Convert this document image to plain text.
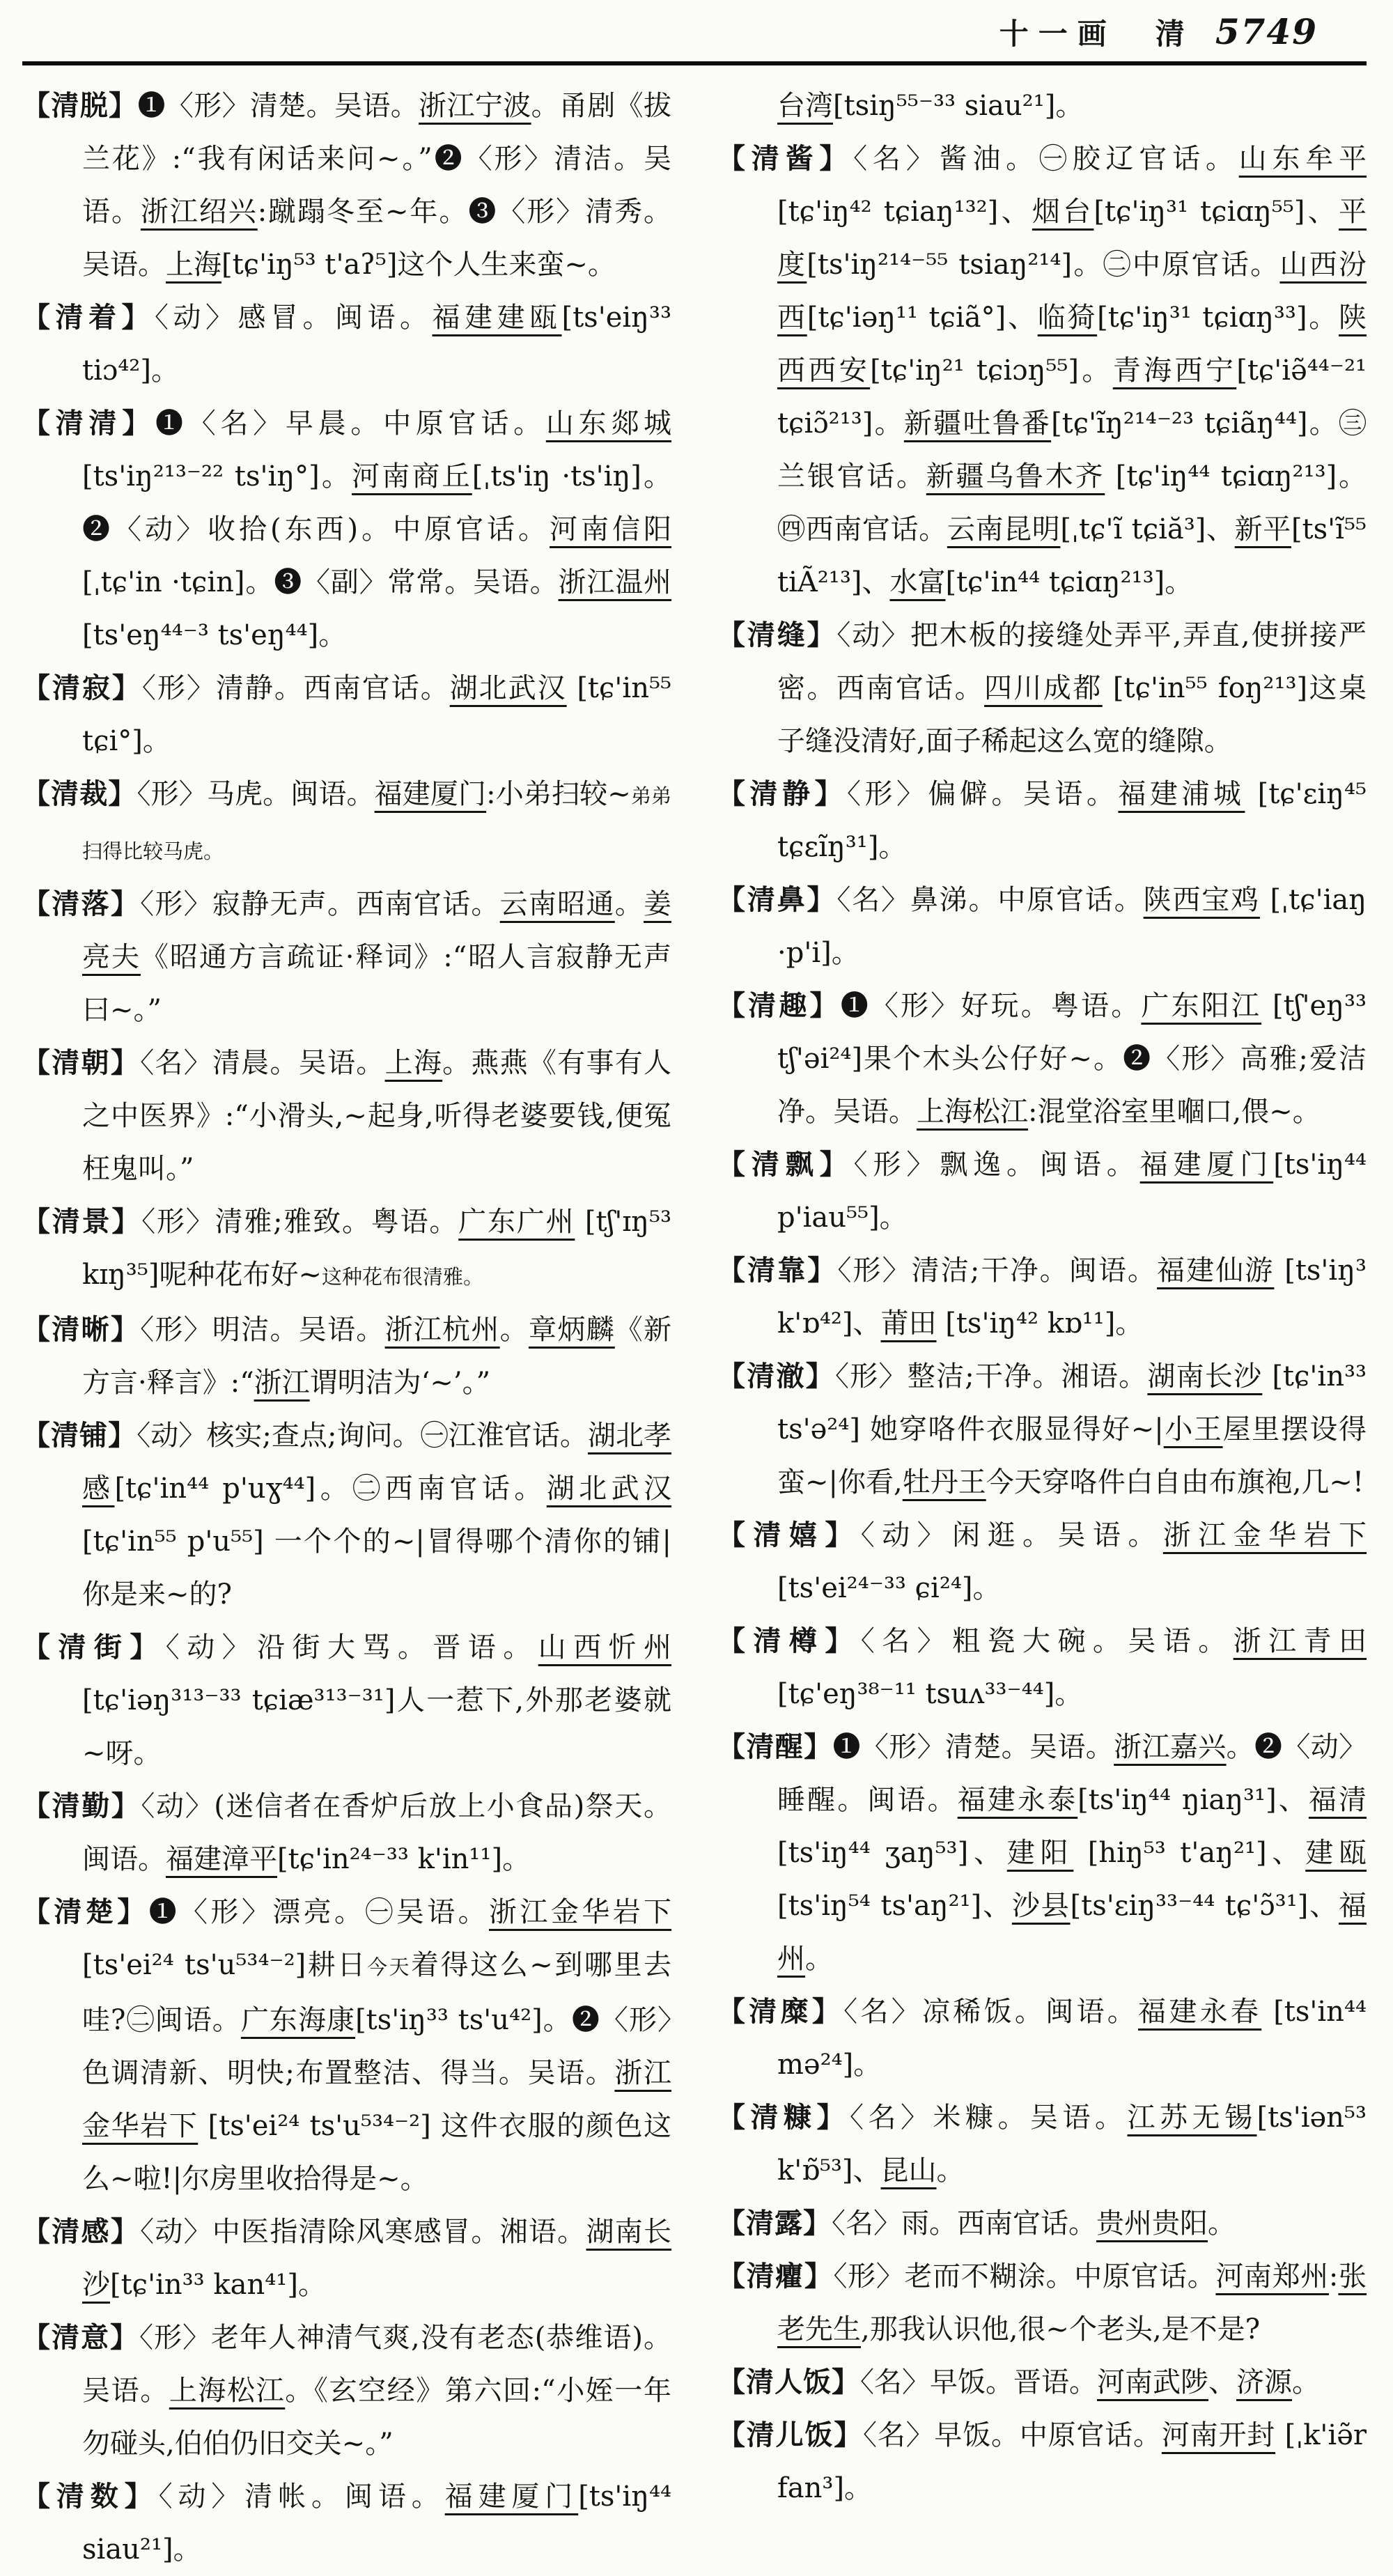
十一画 清 5749
【清脱】❶〈形〉清楚。吴语。浙江宁波。甬剧《拔兰花》:“我有闲话来问~。”❷〈形〉清洁。吴语。浙江绍兴:蹴蹋冬至~年。❸〈形〉清秀。吴语。上海[tɕ'iŋ⁵³ t'aʔ⁵]这个人生来蛮~。
【清着】〈动〉感冒。闽语。福建建瓯[ts'eiŋ³³ tiɔ⁴²]。
【清清】❶〈名〉早晨。中原官话。山东郯城 [ts'iŋ²¹³⁻²² ts'iŋ°]。河南商丘[ˌts'iŋ ·ts'iŋ]。❷〈动〉收拾(东西)。中原官话。河南信阳[ˌtɕ'in ·tɕin]。❸〈副〉常常。吴语。浙江温州[ts'eŋ⁴⁴⁻³ ts'eŋ⁴⁴]。
【清寂】〈形〉清静。西南官话。湖北武汉 [tɕ'in⁵⁵ tɕi°]。
【清裁】〈形〉马虎。闽语。福建厦门:小弟扫较~弟弟扫得比较马虎。
【清落】〈形〉寂静无声。西南官话。云南昭通。姜亮夫《昭通方言疏证·释词》:“昭人言寂静无声曰~。”
【清朝】〈名〉清晨。吴语。上海。燕燕《有事有人之中医界》:“小滑头,~起身,听得老婆要钱,便冤枉鬼叫。”
【清景】〈形〉清雅;雅致。粤语。广东广州 [tʃ'ɪŋ⁵³ kɪŋ³⁵]呢种花布好~这种花布很清雅。
【清晰】〈形〉明洁。吴语。浙江杭州。章炳麟《新方言·释言》:“浙江谓明洁为‘~’。”
【清铺】〈动〉核实;查点;询问。㊀江淮官话。湖北孝感[tɕ'in⁴⁴ p'uɣ⁴⁴]。㊁西南官话。湖北武汉[tɕ'in⁵⁵ p'u⁵⁵] 一个个的~|冒得哪个清你的铺|你是来~的?
【清街】〈动〉沿街大骂。晋语。山西忻州 [tɕ'iəŋ³¹³⁻³³ tɕiæ³¹³⁻³¹]人一惹下,外那老婆就~呀。
【清勤】〈动〉(迷信者在香炉后放上小食品)祭天。闽语。福建漳平[tɕ'in²⁴⁻³³ k'in¹¹]。
【清楚】❶〈形〉漂亮。㊀吴语。浙江金华岩下 [ts'ei²⁴ ts'u⁵³⁴⁻²]耕日今天着得这么~到哪里去哇?㊁闽语。广东海康[ts'iŋ³³ ts'u⁴²]。❷〈形〉色调清新、明快;布置整洁、得当。吴语。浙江金华岩下 [ts'ei²⁴ ts'u⁵³⁴⁻²] 这件衣服的颜色这么~啦!|尔房里收拾得是~。
【清感】〈动〉中医指清除风寒感冒。湘语。湖南长沙[tɕ'in³³ kan⁴¹]。
【清意】〈形〉老年人神清气爽,没有老态(恭维语)。吴语。上海松江。《玄空经》第六回:“小姪一年勿碰头,伯伯仍旧交关~。”
【清数】〈动〉清帐。闽语。福建厦门[ts'iŋ⁴⁴ siau²¹]。
台湾[tsiŋ⁵⁵⁻³³ siau²¹]。
【清酱】〈名〉酱油。㊀胶辽官话。山东牟平 [tɕ'iŋ⁴² tɕiaŋ¹³²]、烟台[tɕ'iŋ³¹ tɕiɑŋ⁵⁵]、平度[ts'iŋ²¹⁴⁻⁵⁵ tsiaŋ²¹⁴]。㊁中原官话。山西汾西[tɕ'iəŋ¹¹ tɕiã°]、临猗[tɕ'iŋ³¹ tɕiɑŋ³³]。陕西西安[tɕ'iŋ²¹ tɕiɔŋ⁵⁵]。青海西宁[tɕ'iə̃⁴⁴⁻²¹ tɕiɔ̃²¹³]。新疆吐鲁番[tɕ'ĩŋ²¹⁴⁻²³ tɕiãŋ⁴⁴]。㊂兰银官话。新疆乌鲁木齐 [tɕ'iŋ⁴⁴ tɕiɑŋ²¹³]。㊃西南官话。云南昆明[ˌtɕ'ĩ tɕiă³]、新平[ts'ĩ⁵⁵ tiÃ²¹³]、水富[tɕ'in⁴⁴ tɕiɑŋ²¹³]。
【清缝】〈动〉把木板的接缝处弄平,弄直,使拼接严密。西南官话。四川成都 [tɕ'in⁵⁵ foŋ²¹³]这桌子缝没清好,面子稀起这么宽的缝隙。
【清静】〈形〉偏僻。吴语。福建浦城 [tɕ'ɛiŋ⁴⁵ tɕɛĩŋ³¹]。
【清鼻】〈名〉鼻涕。中原官话。陕西宝鸡 [ˌtɕ'iaŋ ·p'i]。
【清趣】❶〈形〉好玩。粤语。广东阳江 [tʃ'eŋ³³ tʃ'əi²⁴]果个木头公仔好~。❷〈形〉高雅;爱洁净。吴语。上海松江:混堂浴室里嗰口,偎~。
【清飘】〈形〉飘逸。闽语。福建厦门[ts'iŋ⁴⁴ p'iau⁵⁵]。
【清靠】〈形〉清洁;干净。闽语。福建仙游 [ts'iŋ³ k'ɒ⁴²]、莆田 [ts'iŋ⁴² kɒ¹¹]。
【清澈】〈形〉整洁;干净。湘语。湖南长沙 [tɕ'in³³ ts'ə²⁴] 她穿咯件衣服显得好~|小王屋里摆设得蛮~|你看,牡丹王今天穿咯件白自由布旗袍,几~!
【清嬉】〈动〉闲逛。吴语。浙江金华岩下 [ts'ei²⁴⁻³³ ɕi²⁴]。
【清樽】〈名〉粗瓷大碗。吴语。浙江青田[tɕ'eŋ³⁸⁻¹¹ tsuʌ³³⁻⁴⁴]。
【清醒】❶〈形〉清楚。吴语。浙江嘉兴。❷〈动〉睡醒。闽语。福建永泰[ts'iŋ⁴⁴ ŋiaŋ³¹]、福清[ts'iŋ⁴⁴ ʒaŋ⁵³]、建阳 [hiŋ⁵³ t'aŋ²¹]、建瓯 [ts'iŋ⁵⁴ ts'aŋ²¹]、沙县[ts'ɛiŋ³³⁻⁴⁴ tɕ'ɔ̃³¹]、福州。
【清糜】〈名〉凉稀饭。闽语。福建永春 [ts'in⁴⁴ mə²⁴]。
【清糠】〈名〉米糠。吴语。江苏无锡[ts'iən⁵³ k'ɒ̃⁵³]、昆山。
【清露】〈名〉雨。西南官话。贵州贵阳。
【清癯】〈形〉老而不糊涂。中原官话。河南郑州:张老先生,那我认识他,很~个老头,是不是?
【清人饭】〈名〉早饭。晋语。河南武陟、济源。
【清儿饭】〈名〉早饭。中原官话。河南开封 [ˌk'iə̃r fan³]。
